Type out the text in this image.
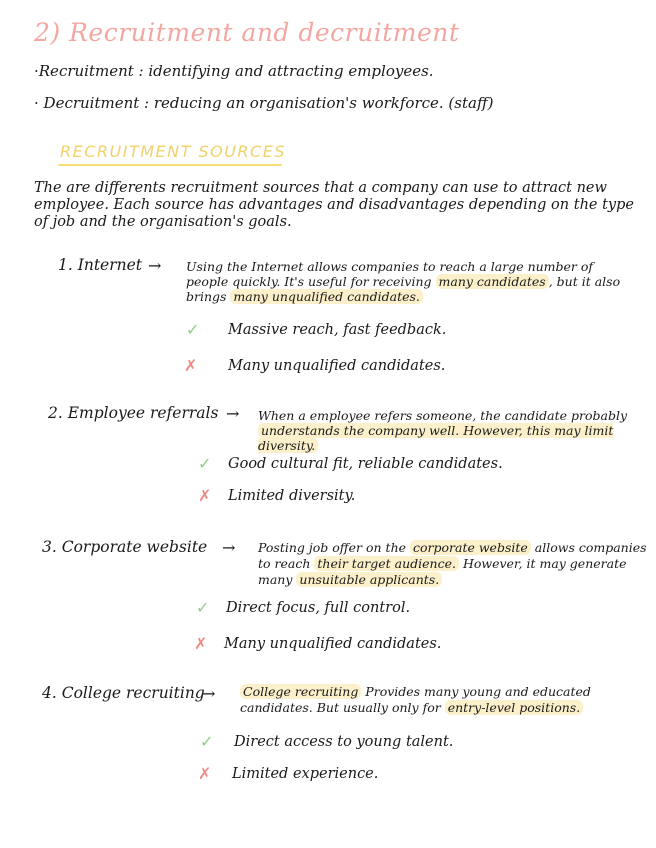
2) Recruitment and decruitment
·Recruitment : identifying and attracting employees.
· Decruitment : reducing an organisation's workforce. (staff)
RECRUITMENT SOURCES
The are differents recruitment sources that a company can use to attract new employee. Each source has advantages and disadvantages depending on the type of job and the organisation's goals.
1. Internet → Using the Internet allows companies to reach a large number of people quickly. It's useful for receiving many candidates , but it also brings many unqualified candidates.
✓ Massive reach, fast feedback.
✗ Many unqualified candidates.
2. Employee referrals → When a employee refers someone, the candidate probably understands the company well. However, this may limit diversity.
✓ Good cultural fit, reliable candidates.
✗ Limited diversity.
3. Corporate website → Posting job offer on the corporate website allows companies to reach their target audience. However, it may generate many unsuitable applicants.
✓ Direct focus, full control.
✗ Many unqualified candidates.
4. College recruiting
→ College recruiting Provides many young and educated candidates. But usually only for entry-level positions.
✓ Direct access to young talent.
✗ Limited experience.
